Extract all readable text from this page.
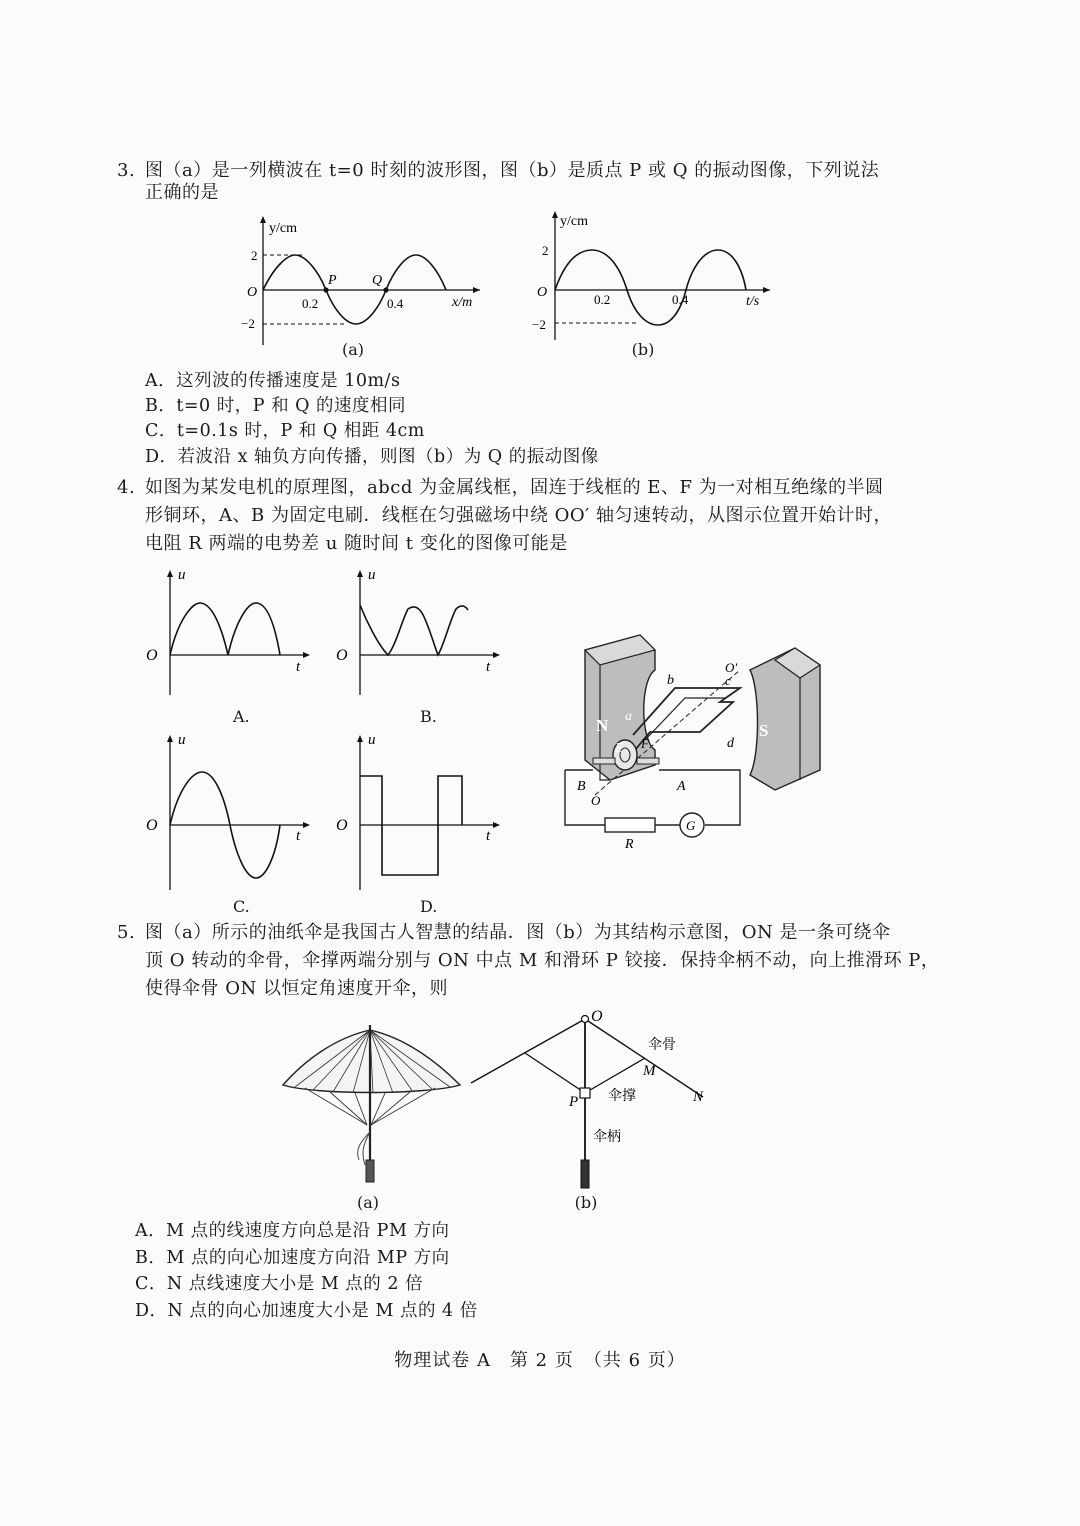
3. 图（a）是一列横波在 t=0 时刻的波形图，图（b）是质点 P 或 Q 的振动图像，下列说法
正确的是
y/cm
2
−2
O
0.2	0.4
P	Q
x/m
(a)
y/cm
2
−2
O	0.2	0.4	t/s
(b)
A．这列波的传播速度是 10m/s
B．t=0 时，P 和 Q 的速度相同
C．t=0.1s 时，P 和 Q 相距 4cm
D．若波沿 x 轴负方向传播，则图（b）为 Q 的振动图像
4. 如图为某发电机的原理图，abcd 为金属线框，固连于线框的 E、F 为一对相互绝缘的半圆
形铜环，A、B 为固定电刷．线框在匀强磁场中绕 OO′ 轴匀速转动，从图示位置开始计时，
电阻 R 两端的电势差 u 随时间 t 变化的图像可能是
u
O
t
A.
u
O
t
B.
u
O
t
C.
u
O
t
D.
N	S
a
b	c
d
E F
B	A
O
O′
R
G
5. 图（a）所示的油纸伞是我国古人智慧的结晶．图（b）为其结构示意图，ON 是一条可绕伞
顶 O 转动的伞骨，伞撑两端分别与 ON 中点 M 和滑环 P 铰接．保持伞柄不动，向上推滑环 P，
使得伞骨 ON 以恒定角速度开伞，则
(a)
O
M
N
P
伞骨
伞撑
伞柄
(b)
A．M 点的线速度方向总是沿 PM 方向
B．M 点的向心加速度方向沿 MP 方向
C．N 点线速度大小是 M 点的 2 倍
D．N 点的向心加速度大小是 M 点的 4 倍
物理试卷 A　第 2 页　（共 6 页）
